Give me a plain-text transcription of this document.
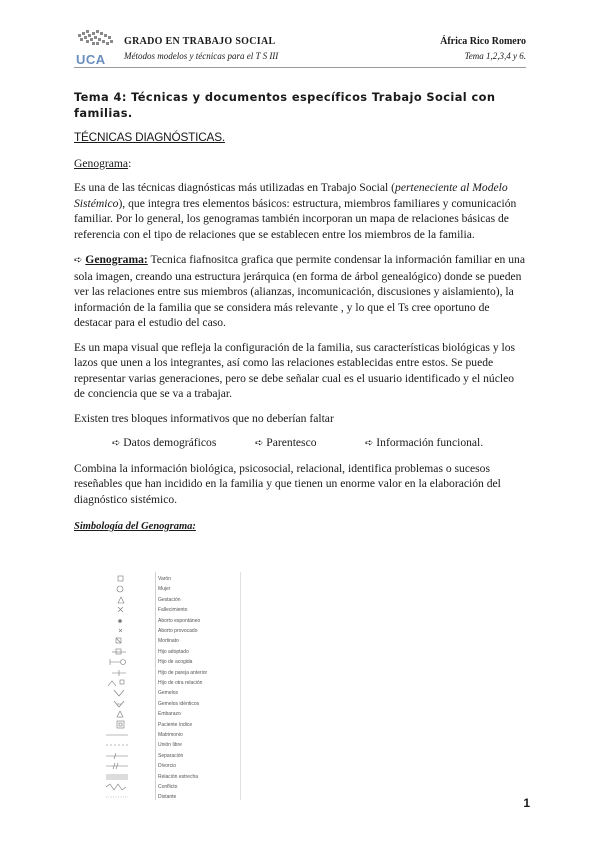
UCA
GRADO EN TRABAJO SOCIAL
Métodos modelos y técnicas para el T S III
África Rico Romero
Tema 1,2,3,4 y 6.

Tema 4: Técnicas y documentos específicos Trabajo Social con familias.

TÉCNICAS DIAGNÓSTICAS.

Genograma:

Es una de las técnicas diagnósticas más utilizadas en Trabajo Social (perteneciente al Modelo Sistémico), que integra tres elementos básicos: estructura, miembros familiares y comunicación familiar. Por lo general, los genogramas también incorporan un mapa de relaciones básicas de referencia con el tipo de relaciones que se establecen entre los miembros de la familia.

➪ Genograma: Tecnica fiafnositca grafica que permite condensar la información familiar en una sola imagen, creando una estructura jerárquica (en forma de árbol genealógico) donde se pueden ver las relaciones entre sus miembros (alianzas, incomunicación, discusiones y aislamiento), la información de la familia que se considera más relevante , y lo que el Ts cree oportuno de destacar para el estudio del caso.

Es un mapa visual que refleja la configuración de la familia, sus características biológicas y los lazos que unen a los integrantes, así como las relaciones establecidas entre estos. Se puede representar varias generaciones, pero se debe señalar cual es el usuario identificado y el núcleo de conciencia que se va a trabajar.

Existen tres bloques informativos que no deberían faltar

➪ Datos demográficos	➪ Parentesco	➪ Información funcional.

Combina la información biológica, psicosocial, relacional, identifica problemas o sucesos reseñables que han incidido en la familia y que tienen un enorme valor en la elaboración del diagnóstico sistémico.

Simbología del Genograma:

Varón
Mujer
Gestación
Fallecimiento
Aborto espontáneo
Aborto provocado
Mortinato
Hijo adoptado
Hijo de acogida
Hijo de pareja anterior
Hijo de otra relación
Gemelos
Gemelos idénticos
Embarazo
Paciente índice
Matrimonio
Unión libre
Separación
Divorcio
Relación estrecha
Conflicto
Distante	1
